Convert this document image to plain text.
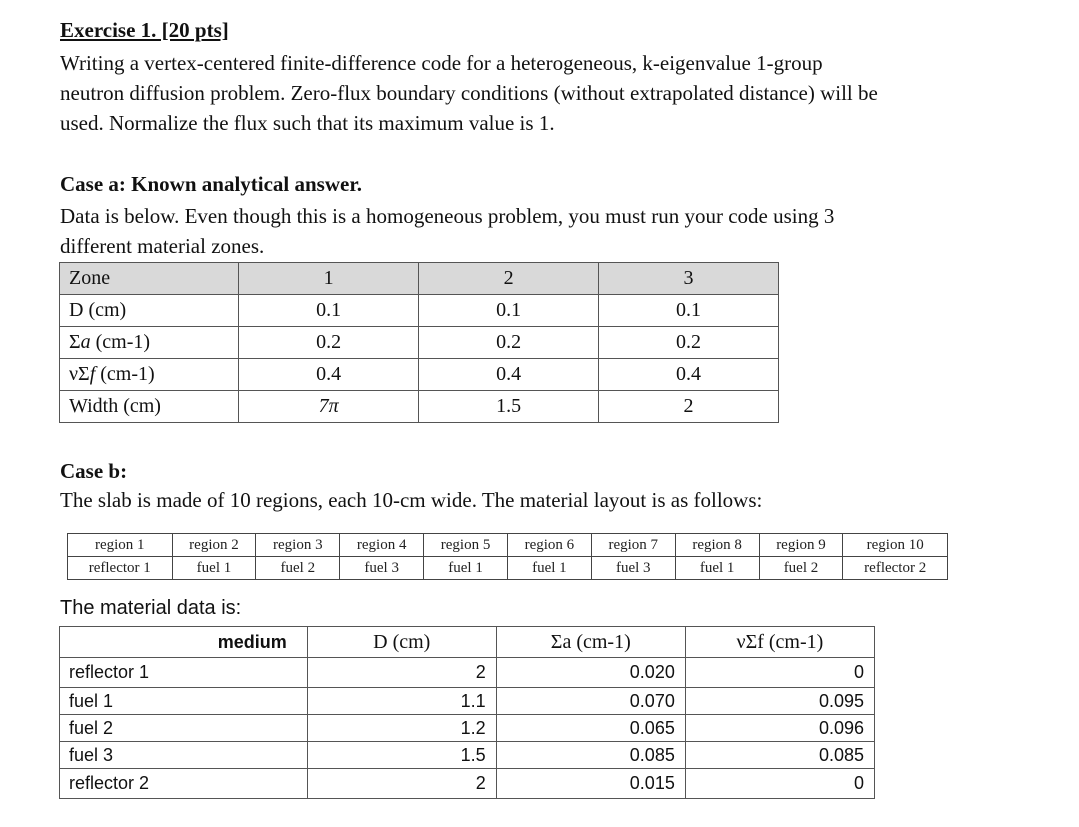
Exercise 1. [20 pts]
Writing a vertex-centered finite-difference code for a heterogeneous, k-eigenvalue 1-group
neutron diffusion problem. Zero-flux boundary conditions (without extrapolated distance) will be
used. Normalize the flux such that its maximum value is 1.
Case a: Known analytical answer.
Data is below. Even though this is a homogeneous problem, you must run your code using 3
different material zones.
Zone	1	2	3
D (cm)	0.1	0.1	0.1
Σa (cm-1)	0.2	0.2	0.2
νΣf (cm-1)	0.4	0.4	0.4
Width (cm)	7π	1.5	2
Case b:
The slab is made of 10 regions, each 10-cm wide. The material layout is as follows:
region 1	region 2	region 3	region 4	region 5	region 6	region 7	region 8	region 9	region 10
reflector 1	fuel 1	fuel 2	fuel 3	fuel 1	fuel 1	fuel 3	fuel 1	fuel 2	reflector 2
The material data is:
medium	D (cm)	Σa (cm-1)	νΣf (cm-1)
reflector 1	2	0.020	0
fuel 1	1.1	0.070	0.095
fuel 2	1.2	0.065	0.096
fuel 3	1.5	0.085	0.085
reflector 2	2	0.015	0
